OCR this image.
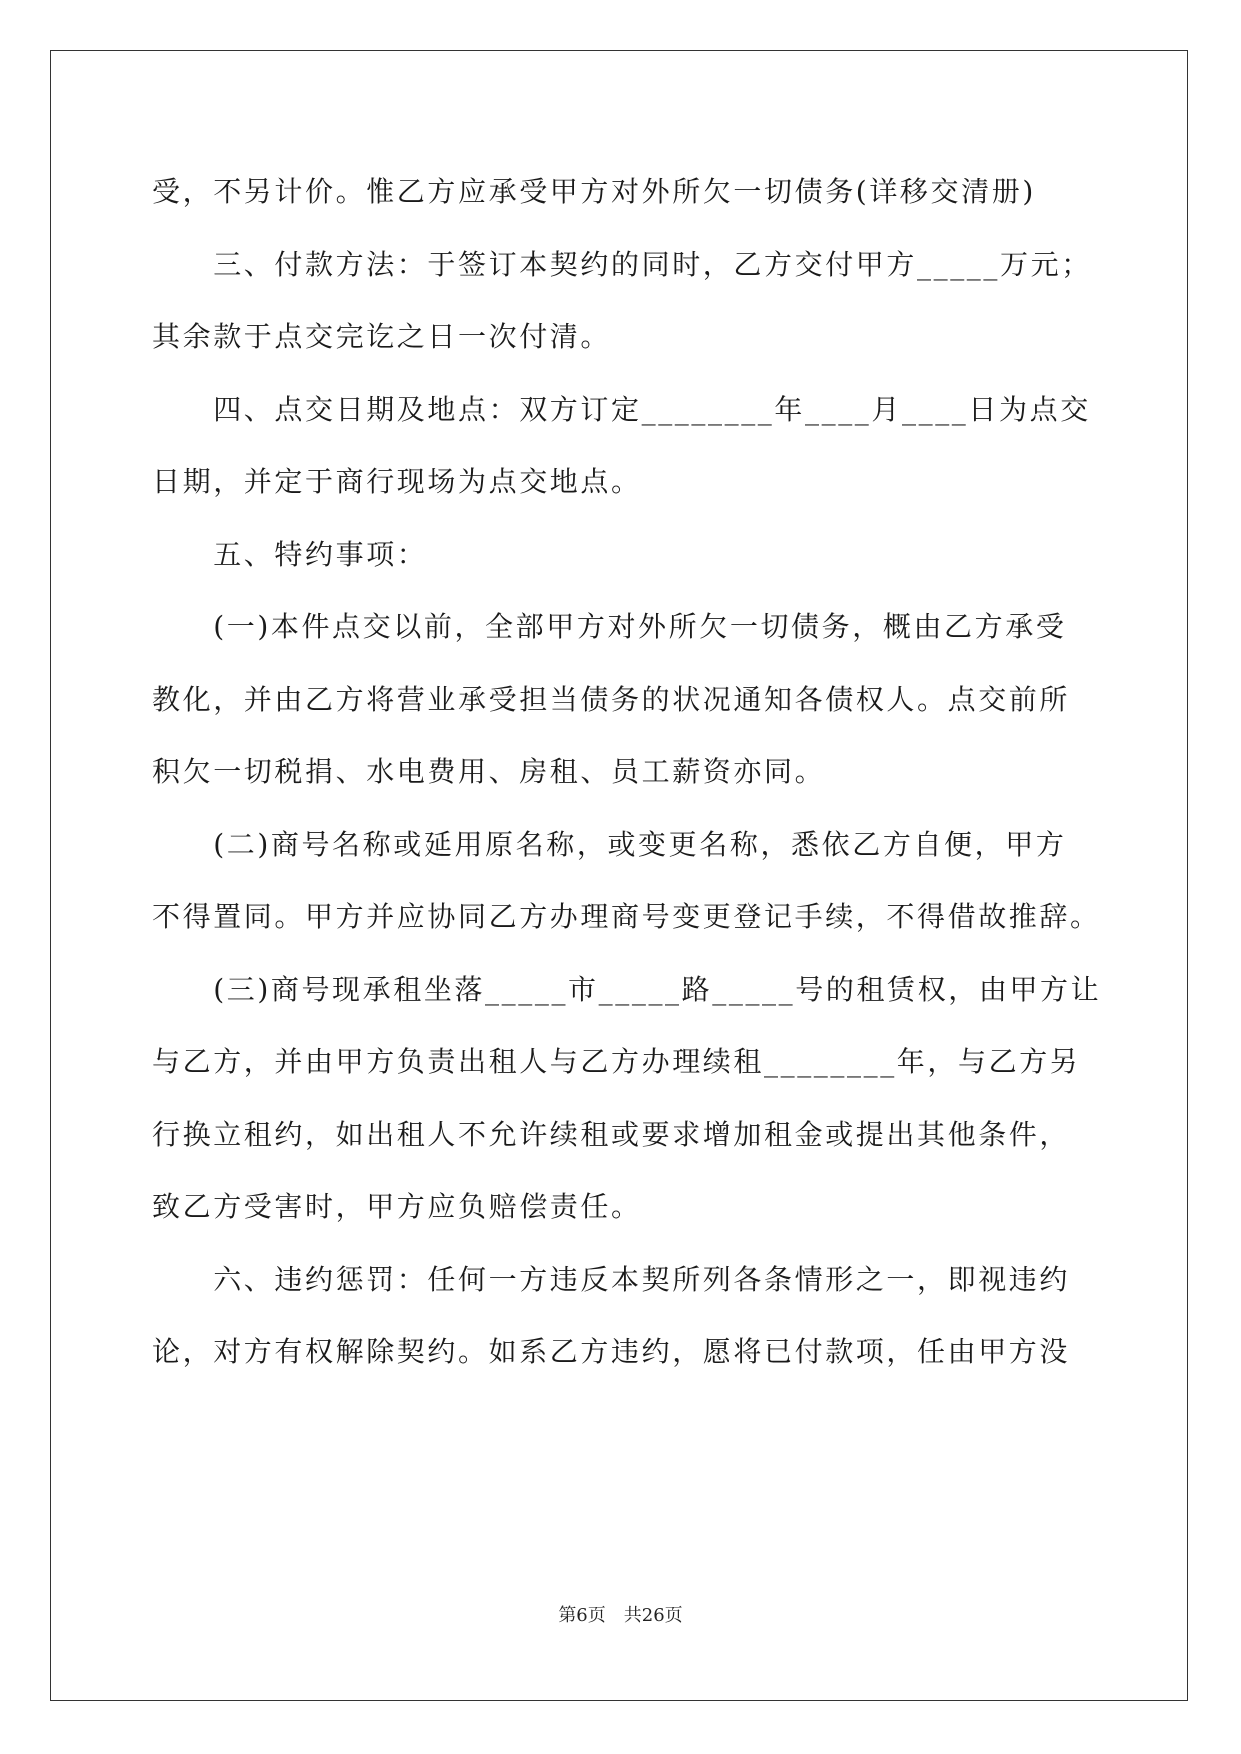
受，不另计价。惟乙方应承受甲方对外所欠一切债务(详移交清册)
　　三、付款方法：于签订本契约的同时，乙方交付甲方_____万元；
其余款于点交完讫之日一次付清。
　　四、点交日期及地点：双方订定________年____月____日为点交
日期，并定于商行现场为点交地点。
　　五、特约事项：
　　(一)本件点交以前，全部甲方对外所欠一切债务，概由乙方承受
教化，并由乙方将营业承受担当债务的状况通知各债权人。点交前所
积欠一切税捐、水电费用、房租、员工薪资亦同。
　　(二)商号名称或延用原名称，或变更名称，悉依乙方自便，甲方
不得置同。甲方并应协同乙方办理商号变更登记手续，不得借故推辞。
　　(三)商号现承租坐落_____市_____路_____号的租赁权，由甲方让
与乙方，并由甲方负责出租人与乙方办理续租________年，与乙方另
行换立租约，如出租人不允许续租或要求增加租金或提出其他条件，
致乙方受害时，甲方应负赔偿责任。
　　六、违约惩罚：任何一方违反本契所列各条情形之一，即视违约
论，对方有权解除契约。如系乙方违约，愿将已付款项，任由甲方没
第6页 共26页
